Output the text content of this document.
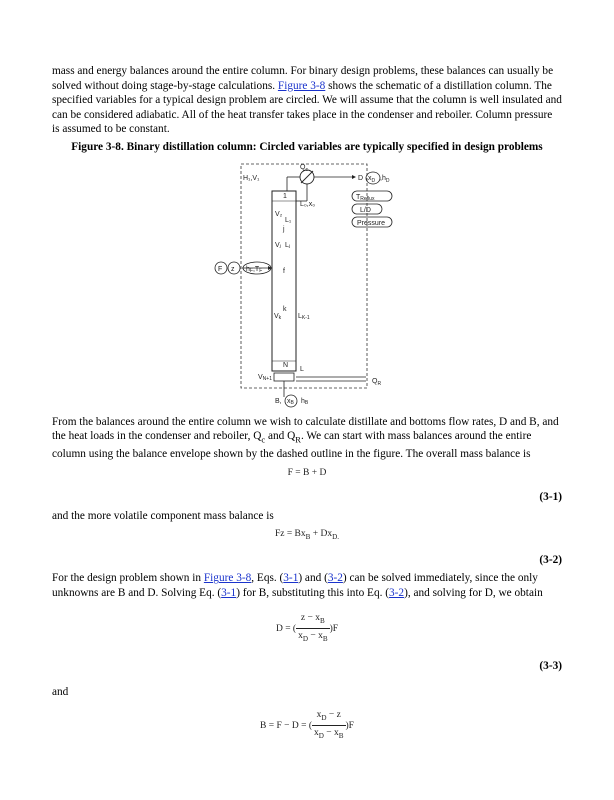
mass and energy balances around the entire column. For binary design problems, these balances can usually be solved without doing stage-by-stage calculations. Figure 3-8 shows the schematic of a distillation column. The specified variables for a typical design problem are circled. We will assume that the column is well insulated and can be considered adiabatic. All of the heat transfer takes place in the condenser and reboiler. Column pressure is assumed to be constant.

Figure 3-8. Binary distillation column: Circled variables are typically specified in design problems

H₁,V₁
$Q_c$
D $x_D$ $,h_D$
TReflux
L/D
Pressure
L₀,x₀
1
V₂
L₁
j
Vⱼ Lⱼ
F z hF,TF	f
Vk
k
LK-1
N
VN+1
L
$Q_R$
B, xB hB

From the balances around the entire column we wish to calculate distillate and bottoms flow rates, D and B, and the heat loads in the condenser and reboiler, $Q_c$ and $Q_R$. We can start with mass balances around the entire column using the balance envelope shown by the dashed outline in the figure. The overall mass balance is

F = B + D

(3-1)

and the more volatile component mass balance is

$Fz = Bx_B + Dx_{D.}$

(3-2)

For the design problem shown in Figure 3-8, Eqs. (3-1) and (3-2) can be solved immediately, since the only unknowns are B and D. Solving Eq. (3-1) for B, substituting this into Eq. (3-2), and solving for D, we obtain

D = ( $\frac{z - x_B}{x_D - x_B} )F$

(3-3)

and

B = F − D = ( $\frac{x_D - z}{x_D - x_B} )F$
